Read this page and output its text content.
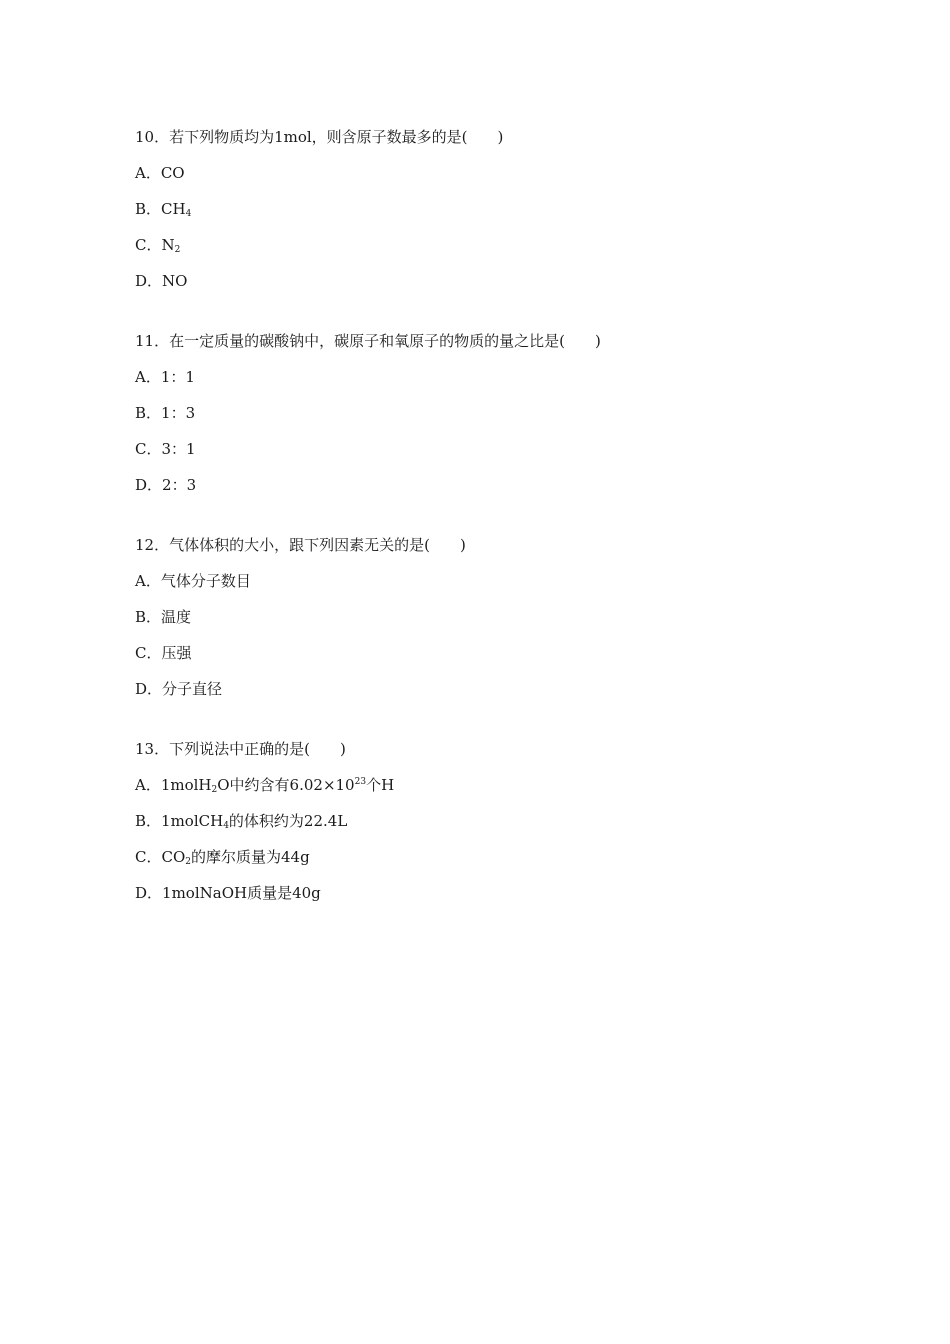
10．若下列物质均为1mol，则含原子数最多的是(　　)
A．CO
B．$CH_4$
C．$N_2$
D．NO
11．在一定质量的碳酸钠中，碳原子和氧原子的物质的量之比是(　　)
A．1：1
B．1：3
C．3：1
D．2：3
12．气体体积的大小，跟下列因素无关的是(　　)
A．气体分子数目
B．温度
C．压强
D．分子直径
13．下列说法中正确的是(　　)
A．1molH$_2$O中约含有$6.02\times 10^{23}$个H
B．1molCH$_4$的体积约为22.4L
C．$CO_2$的摩尔质量为44g
D．1molNaOH质量是40g
